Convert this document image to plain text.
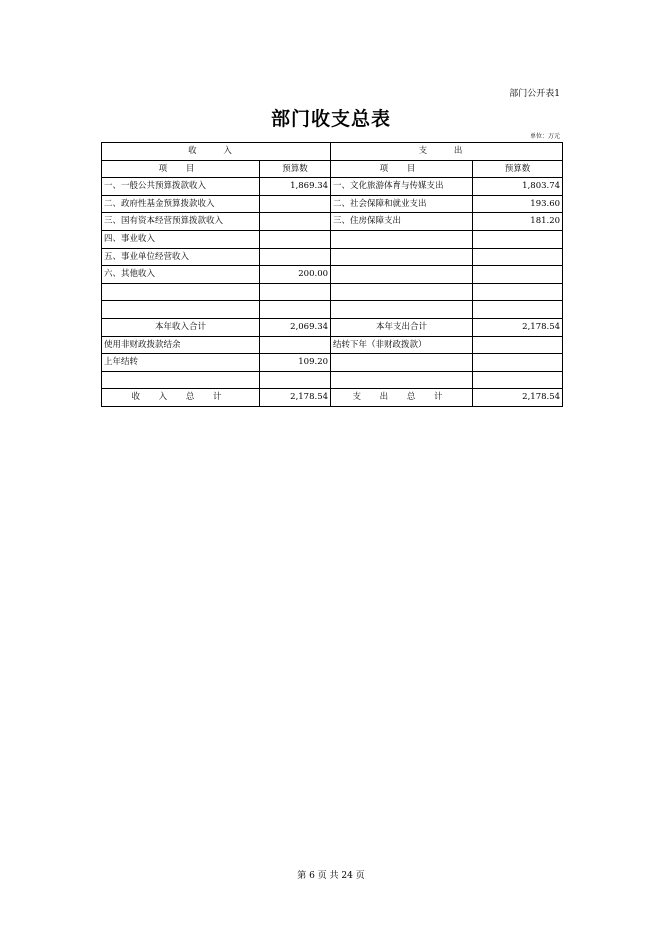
部门公开表1
部门收支总表
单位：万元
收 入		支 出	
项 目	预算数	项 目	预算数
一、一般公共预算拨款收入	1,869.34	一、文化旅游体育与传媒支出	1,803.74
二、政府性基金预算拨款收入		二、社会保障和就业支出	193.60
三、国有资本经营预算拨款收入		三、住房保障支出	181.20
四、事业收入			
五、事业单位经营收入			
六、其他收入	200.00		

本年收入合计	2,069.34	本年支出合计	2,178.54
使用非财政拨款结余		结转下年（非财政拨款）	
上年结转	109.20		

收 入 总 计	2,178.54	支 出 总 计	2,178.54
第 6 页 共 24 页
